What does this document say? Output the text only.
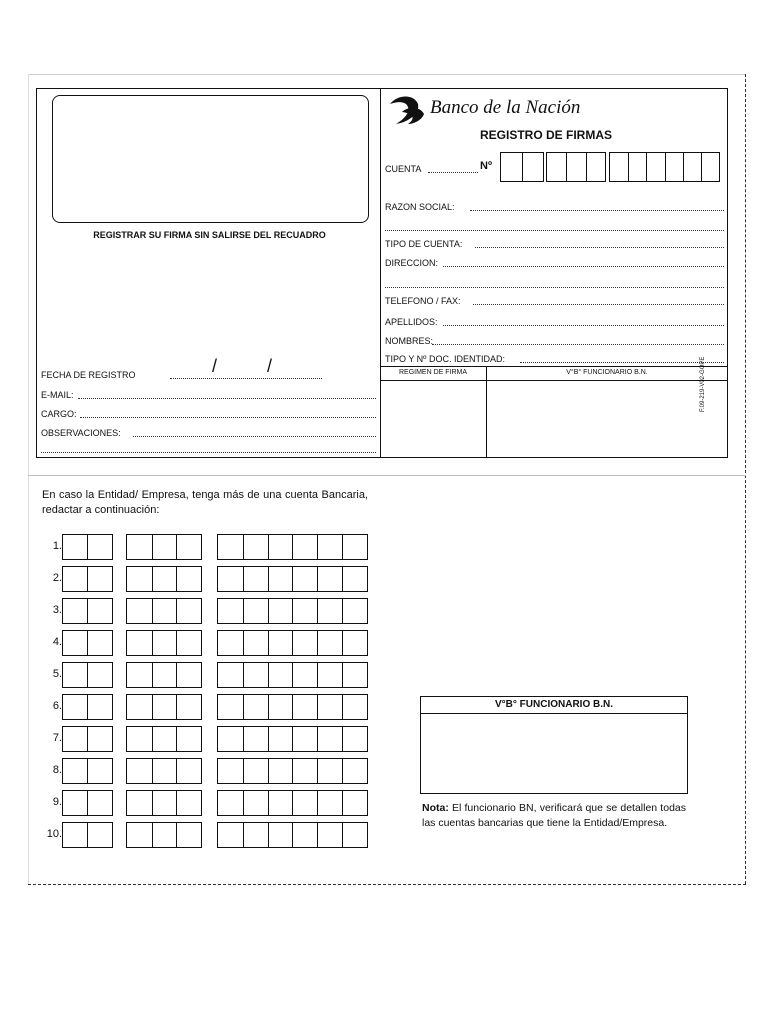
REGISTRAR SU FIRMA SIN SALIRSE DEL RECUADRO
Banco de la Nación
REGISTRO DE FIRMAS
CUENTA	Nº
RAZON SOCIAL:
TIPO DE CUENTA:
DIRECCION:
TELEFONO / FAX:
APELLIDOS:
NOMBRES:
TIPO Y Nº DOC. IDENTIDAD:
REGIMEN DE FIRMA	V°B° FUNCIONARIO B.N.	F.09-219-V02-GOPE
FECHA DE REGISTRO	/          /
E-MAIL:
CARGO:
OBSERVACIONES:
En caso la Entidad/ Empresa, tenga más de una cuenta Bancaria, redactar a continuación:
1.
2.
3.
4.
5.
6.
7.
8.
9.
10.
V°B° FUNCIONARIO B.N.
Nota: El funcionario BN, verificará que se detallen todas las cuentas bancarias que tiene la Entidad/Empresa.
